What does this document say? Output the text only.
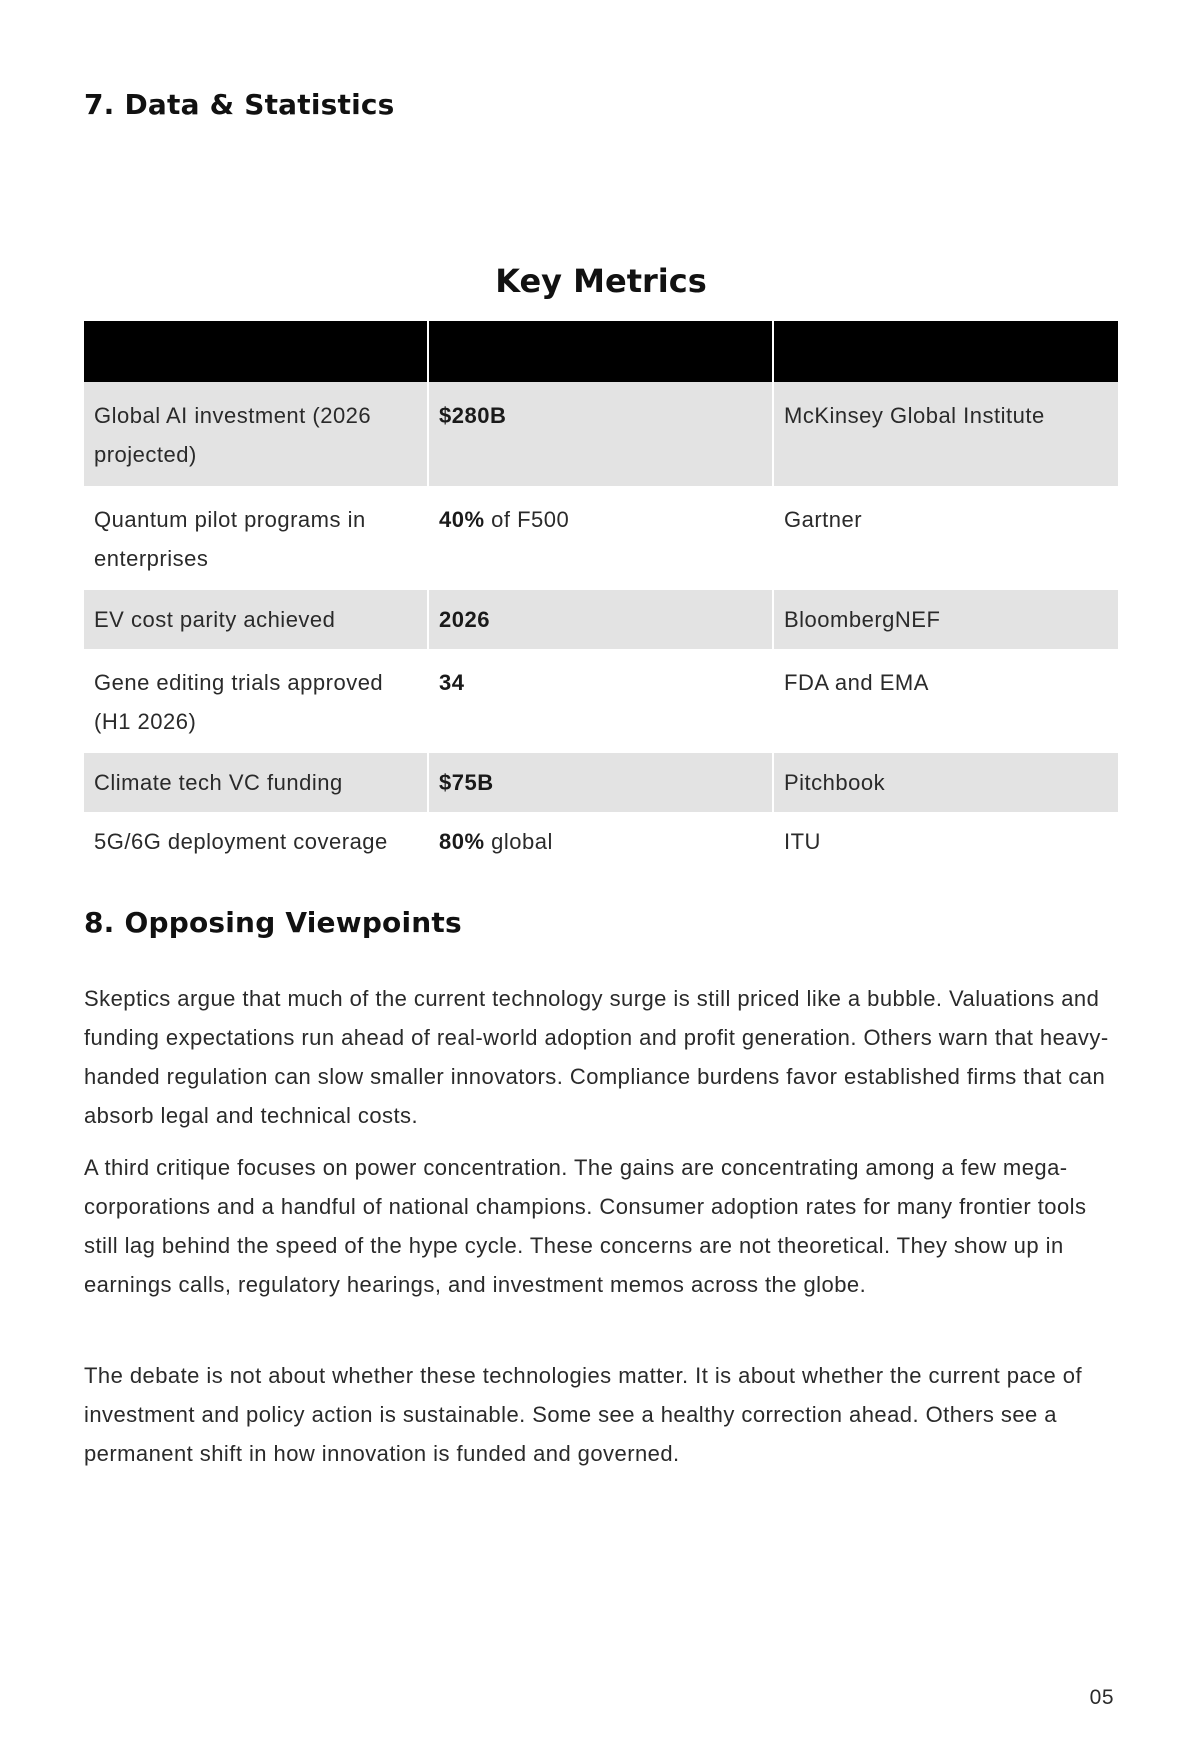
7. Data & Statistics
Key Metrics

Global AI investment (2026 projected)	$280B	McKinsey Global Institute
Quantum pilot programs in enterprises	40% of F500	Gartner
EV cost parity achieved	2026	BloombergNEF
Gene editing trials approved (H1 2026)	34	FDA and EMA
Climate tech VC funding	$75B	Pitchbook
5G/6G deployment coverage	80% global	ITU
8. Opposing Viewpoints

Skeptics argue that much of the current technology surge is still priced like a bubble. Valuations and funding expectations run ahead of real-world adoption and profit generation. Others warn that heavy-handed regulation can slow smaller innovators. Compliance burdens favor established firms that can absorb legal and technical costs.

A third critique focuses on power concentration. The gains are concentrating among a few mega-corporations and a handful of national champions. Consumer adoption rates for many frontier tools still lag behind the speed of the hype cycle. These concerns are not theoretical. They show up in earnings calls, regulatory hearings, and investment memos across the globe.

The debate is not about whether these technologies matter. It is about whether the current pace of investment and policy action is sustainable. Some see a healthy correction ahead. Others see a permanent shift in how innovation is funded and governed.

05
